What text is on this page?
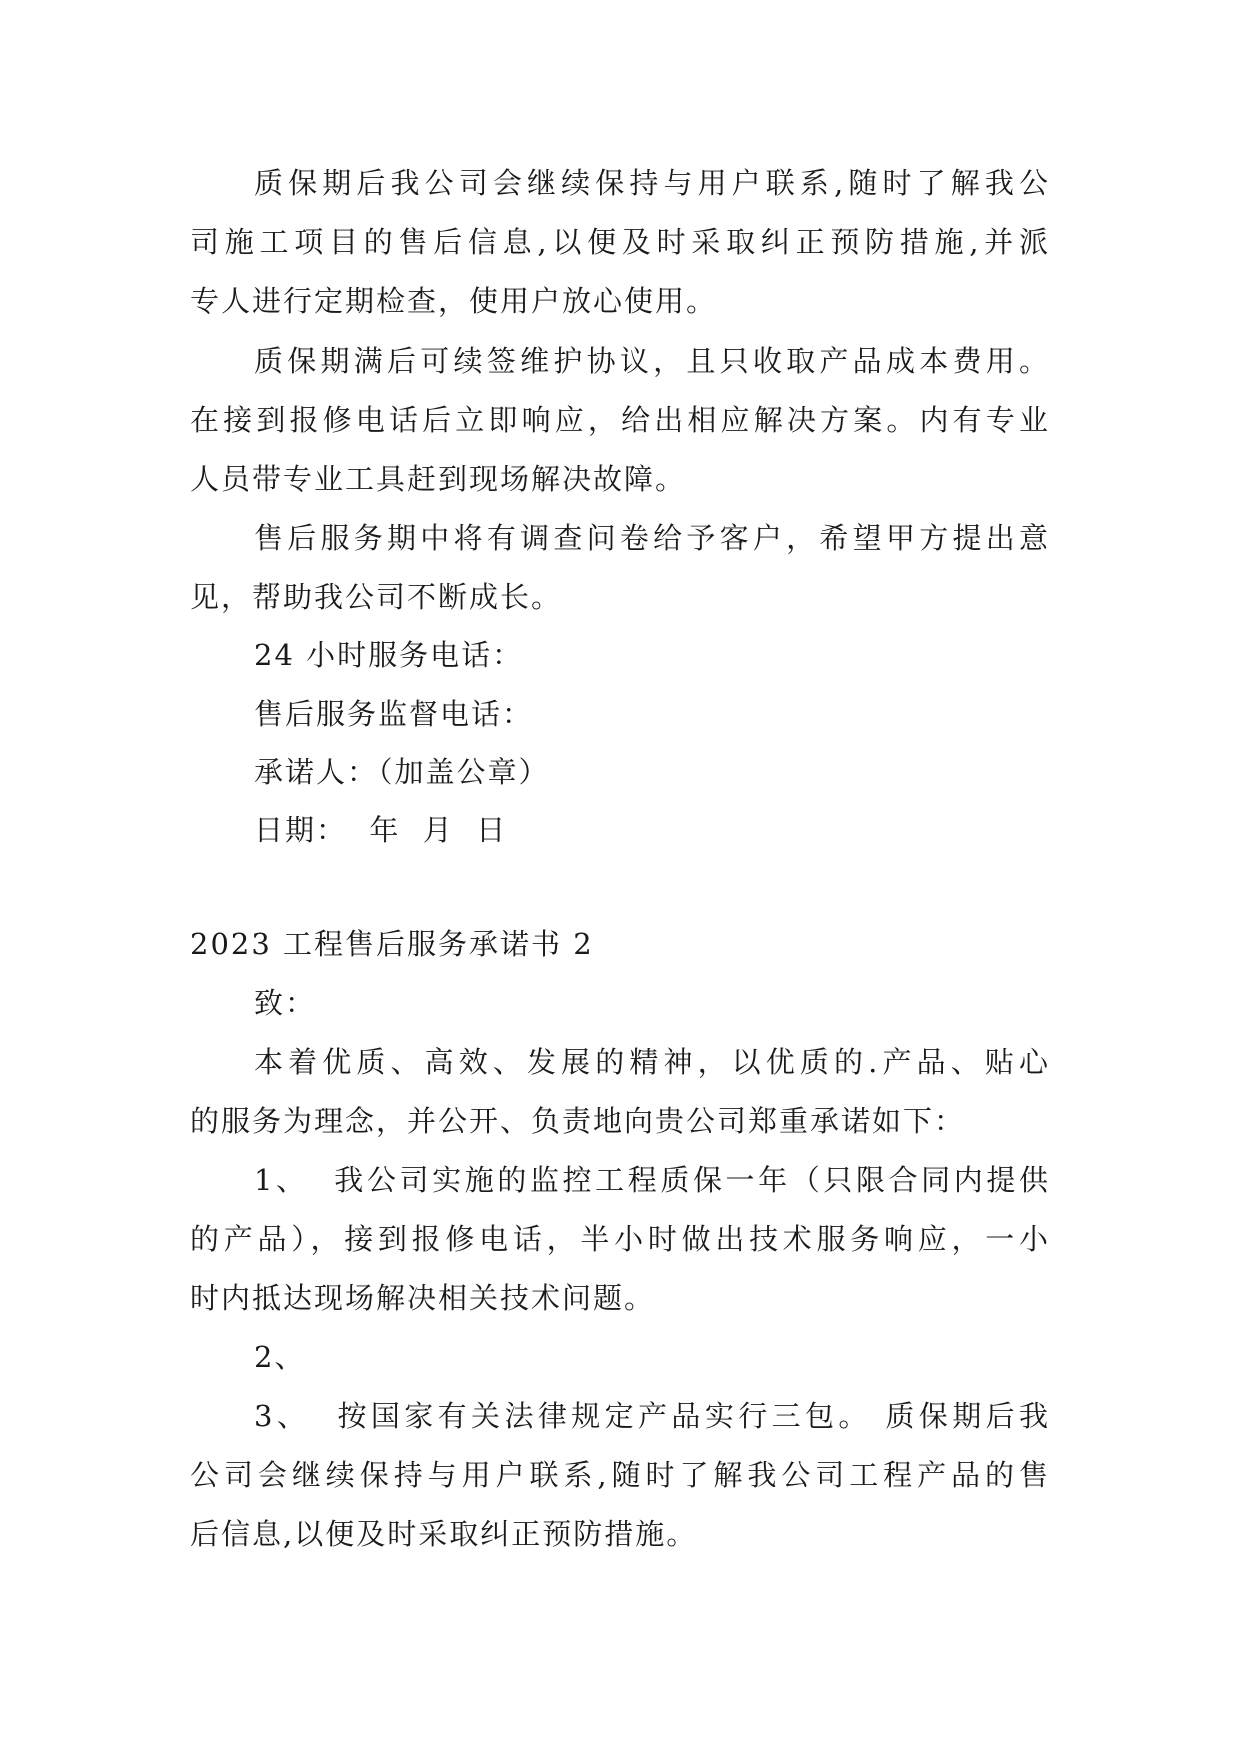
质保期后我公司会继续保持与用户联系,随时了解我公
司施工项目的售后信息,以便及时采取纠正预防措施,并派
专人进行定期检查，使用户放心使用。
质保期满后可续签维护协议，且只收取产品成本费用。
在接到报修电话后立即响应，给出相应解决方案。内有专业
人员带专业工具赶到现场解决故障。
售后服务期中将有调查问卷给予客户，希望甲方提出意
见，帮助我公司不断成长。
24 小时服务电话：
售后服务监督电话：
承诺人：（加盖公章）
日期：  年  月  日
2023 工程售后服务承诺书 2
致：
本着优质、高效、发展的精神，以优质的.产品、贴心
的服务为理念，并公开、负责地向贵公司郑重承诺如下：
1、  我公司实施的监控工程质保一年（只限合同内提供
的产品），接到报修电话，半小时做出技术服务响应，一小
时内抵达现场解决相关技术问题。
2、
3、  按国家有关法律规定产品实行三包。 质保期后我
公司会继续保持与用户联系,随时了解我公司工程产品的售
后信息,以便及时采取纠正预防措施。
